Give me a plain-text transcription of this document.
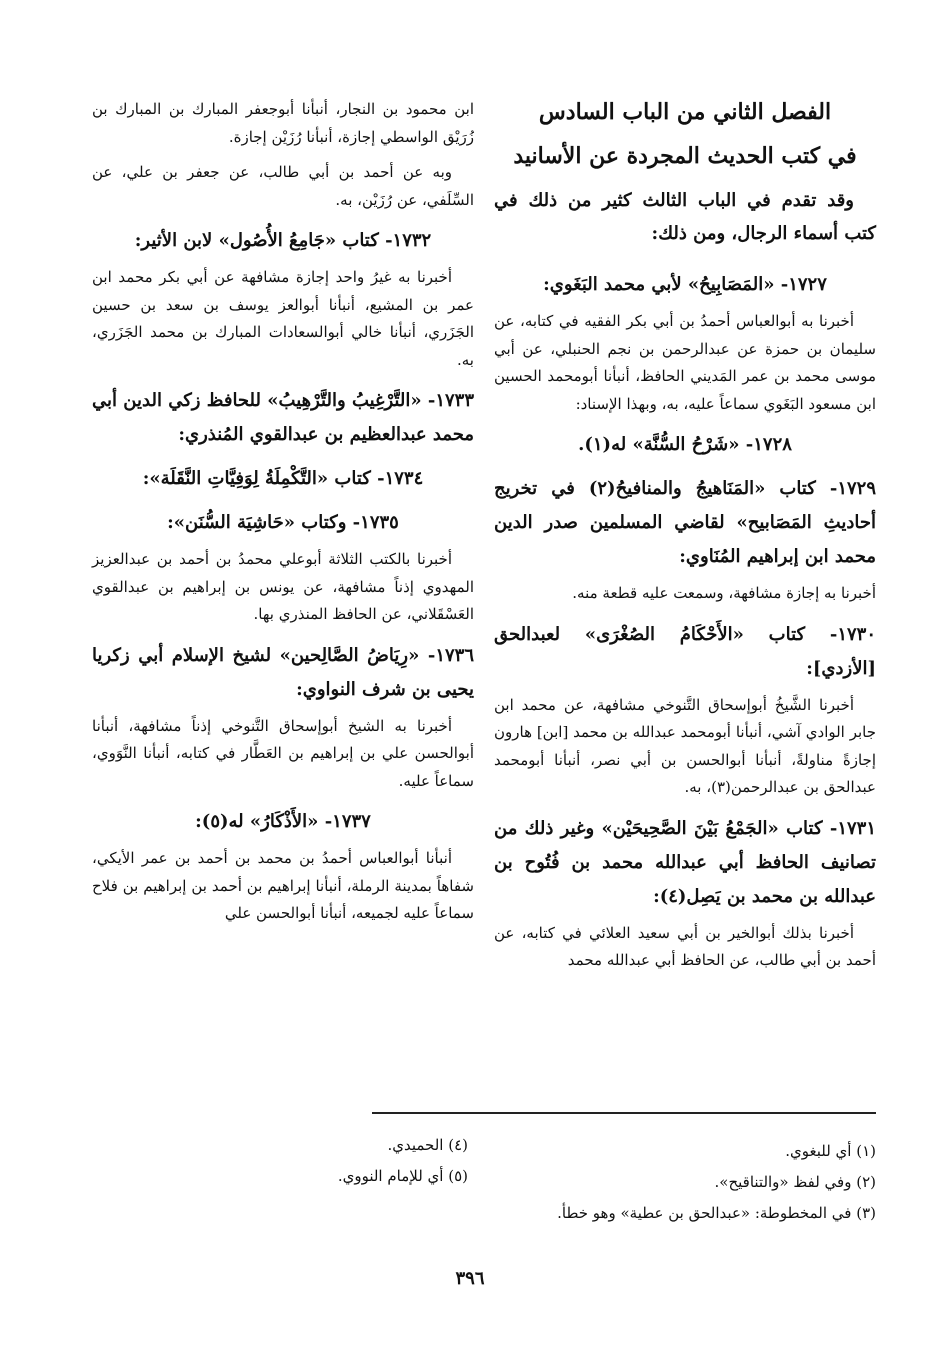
الفصل الثاني من الباب السادس
في كتب الحديث المجردة عن الأسانيد

وقد تقدم في الباب الثالث كثير من ذلك في كتب أسماء الرجال، ومن ذلك:

١٧٢٧- «المَصَابِيحُ» لأبي محمد البَغَوي:

أخبرنا به أبوالعباس أحمدُ بن أبي بكر الفقيه في كتابه، عن سليمان بن حمزة عن عبدالرحمن بن نجم الحنبلي، عن أبي موسى محمد بن عمر المَديني الحافظ، أنبأنا أبومحمد الحسين ابن مسعود البَغَوي سماعاً عليه، به، وبهذا الإسناد:

١٧٢٨- «شَرْحُ السُّنَّة» له(١).
١٧٢٩- كتاب «المَنَاهيجُ والمنافيحُ(٢) في تخريج أحاديثِ المَصَابيح» لقاضي المسلمين صدر الدين محمد ابن إبراهيم المُنَاوي:

أخبرنا به إجازة مشافهة، وسمعت عليه قطعة منه.

١٧٣٠- كتاب «الأَحْكَامُ الصُغْرَى» لعبدالحق [الأزدي]:

أخبرنا الشَّيخُ أبوإسحاق التَّنوخي مشافهة، عن محمد ابن جابر الوادي آشي، أنبأنا أبومحمد عبدالله بن محمد [ابن] هارون إجازةً مناولةً، أنبأنا أبوالحسن بن أبي نصر، أنبأنا أبومحمد عبدالحق بن عبدالرحمن(٣)، به.

١٧٣١- كتاب «الجَمْعُ بَيْنَ الصَّحِيحَيْن» وغير ذلك من تصانيف الحافظ أبي عبدالله محمد بن فُتُوح بن عبدالله بن محمد بن يَصِل(٤):

أخبرنا بذلك أبوالخير بن أبي سعيد العلائي في كتابه، عن أحمد بن أبي طالب، عن الحافظ أبي عبدالله محمد

ابن محمود بن النجار، أنبأنا أبوجعفر المبارك بن المبارك بن زُرَيْق الواسطي إجازة، أنبأنا رُزَيْن إجازة.

وبه عن أحمد بن أبي طالب، عن جعفر بن علي، عن السِّلَفي، عن رُزَيْن، به.

١٧٣٢- كتاب «جَامِعُ الأُصُول» لابن الأثير:

أخبرنا به غيرُ واحد إجازة مشافهة عن أبي بكر محمد ابن عمر بن المشيع، أنبأنا أبوالعز يوسف بن سعد بن حسين الجَزَري، أنبأنا خالي أبوالسعادات المبارك بن محمد الجَزَري، به.

١٧٣٣- «التَّرْغِيبُ والتَّرْهِيبُ» للحافظ زكي الدين أبي محمد عبدالعظيم بن عبدالقوي المُنذري:
١٧٣٤- كتاب «التَّكْمِلَةُ لِوَفِيَّاتِ النَّقَلَة»:
١٧٣٥- وكتاب «حَاشِيَة السُّنَن»:

أخبرنا بالكتب الثلاثة أبوعلي محمدُ بن أحمد بن عبدالعزيز المهدوي إذناً مشافهة، عن يونس بن إبراهيم بن عبدالقوي العَسْقَلاني، عن الحافظ المنذري بها.

١٧٣٦- «رِيَاضُ الصَّالِحين» لشيخ الإسلام أبي زكريا يحيى بن شرف النواوي:

أخبرنا به الشيخ أبوإسحاق التَّنوخي إذناً مشافهة، أنبأنا أبوالحسن علي بن إبراهيم بن العَطَّار في كتابه، أنبأنا النَّوَوي، سماعاً عليه.

١٧٣٧- «الأَذْكَارُ» له(٥):

أنبأنا أبوالعباس أحمدُ بن محمد بن أحمد بن عمر الأيكي، شفاهاً بمدينة الرملة، أنبأنا إبراهيم بن أحمد بن إبراهيم بن فلاح سماعاً عليه لجميعه، أنبأنا أبوالحسن علي

(١) أي للبغوي.
(٢) وفي لفظ «والتناقيح».
(٣) في المخطوطة: «عبدالحق بن عطية» وهو خطأ.
(٤) الحميدي.
(٥) أي للإمام النووي.
٣٩٦
